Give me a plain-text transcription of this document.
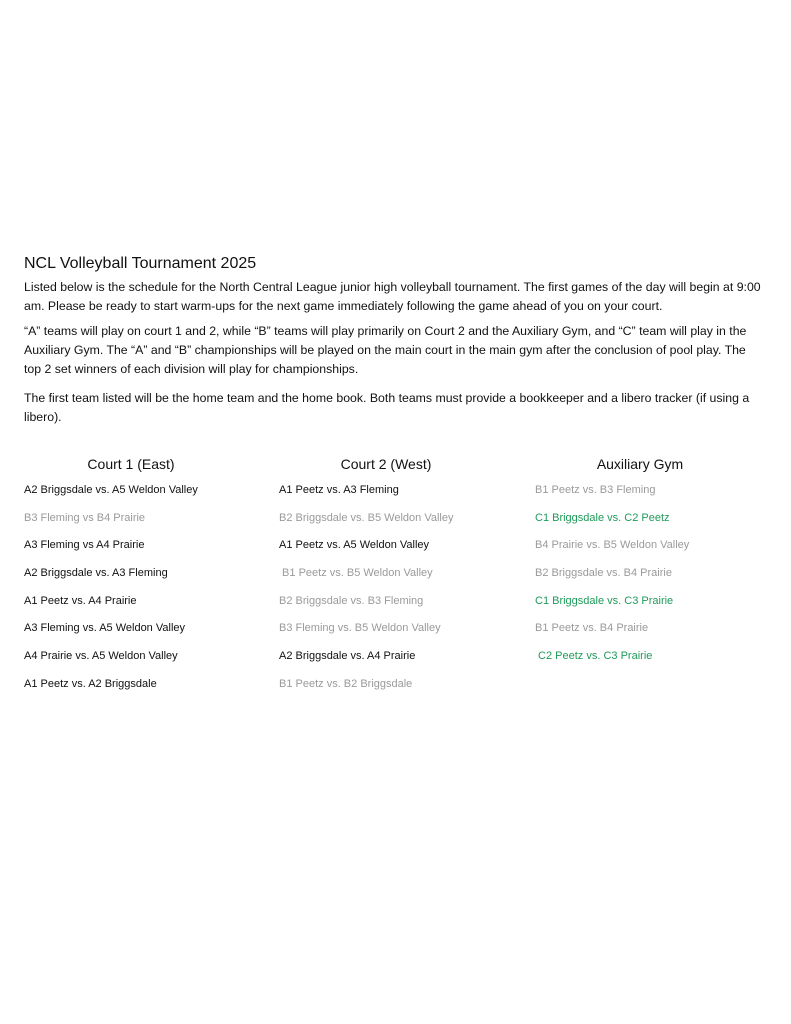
NCL Volleyball Tournament 2025

Listed below is the schedule for the North Central League junior high volleyball tournament. The first games of the day will begin at 9:00 am. Please be ready to start warm-ups for the next game immediately following the game ahead of you on your court.

“A” teams will play on court 1 and 2, while “B” teams will play primarily on Court 2 and the Auxiliary Gym, and “C” team will play in the Auxiliary Gym. The “A” and “B” championships will be played on the main court in the main gym after the conclusion of pool play. The top 2 set winners of each division will play for championships.

The first team listed will be the home team and the home book. Both teams must provide a bookkeeper and a libero tracker (if using a libero).

Court 1 (East)
A2 Briggsdale vs. A5 Weldon Valley
B3 Fleming vs B4 Prairie
A3 Fleming vs A4 Prairie
A2 Briggsdale vs. A3 Fleming
A1 Peetz vs. A4 Prairie
A3 Fleming vs. A5 Weldon Valley
A4 Prairie vs. A5 Weldon Valley
A1 Peetz vs. A2 Briggsdale
Court 2 (West)
A1 Peetz vs. A3 Fleming
B2 Briggsdale vs. B5 Weldon Valley
A1 Peetz vs. A5 Weldon Valley
B1 Peetz vs. B5 Weldon Valley
B2 Briggsdale vs. B3 Fleming
B3 Fleming vs. B5 Weldon Valley
A2 Briggsdale vs. A4 Prairie
B1 Peetz vs. B2 Briggsdale
Auxiliary Gym
B1 Peetz vs. B3 Fleming
C1 Briggsdale vs. C2 Peetz
B4 Prairie vs. B5 Weldon Valley
B2 Briggsdale vs. B4 Prairie
C1 Briggsdale vs. C3 Prairie
B1 Peetz vs. B4 Prairie
C2 Peetz vs. C3 Prairie
